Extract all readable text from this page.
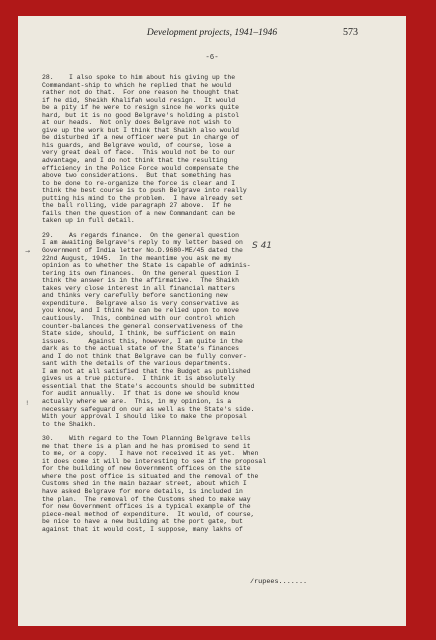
Development projects, 1941–1946	573
-6-
28.    I also spoke to him about his giving up the
Commandant-ship to which he replied that he would
rather not do that.  For one reason he thought that
if he did, Sheikh Khalifah would resign.  It would
be a pity if he were to resign since he works quite
hard, but it is no good Belgrave's holding a pistol
at our heads.  Not only does Belgrave not wish to
give up the work but I think that Shaikh also would
be disturbed if a new officer were put in charge of
his guards, and Belgrave would, of course, lose a
very great deal of face.  This would not be to our
advantage, and I do not think that the resulting
efficiency in the Police Force would compensate the
above two considerations.  But that something has
to be done to re-organize the force is clear and I
think the best course is to push Belgrave into really
putting his mind to the problem.  I have already set
the ball rolling, vide paragraph 27 above.  If he
fails then the question of a new Commandant can be
taken up in full detail.
29.    As regards finance.  On the general question
I am awaiting Belgrave's reply to my letter based on
Government of India letter No.D.9680-ME/45 dated the
22nd August, 1945.  In the meantime you ask me my
opinion as to whether the State is capable of adminis-
tering its own finances.  On the general question I
think the answer is in the affirmative.  The Shaikh
takes very close interest in all financial matters
and thinks very carefully before sanctioning new
expenditure.  Belgrave also is very conservative as
you know, and I think he can be relied upon to move
cautiously.  This, combined with our control which
counter-balances the general conservativeness of the
State side, should, I think, be sufficient on main
issues.     Against this, however, I am quite in the
dark as to the actual state of the State's finances
and I do not think that Belgrave can be fully conver-
sant with the details of the various departments.
I am not at all satisfied that the Budget as published
gives us a true picture.  I think it is absolutely
essential that the State's accounts should be submitted
for audit annually.  If that is done we should know
actually where we are.  This, in my opinion, is a
necessary safeguard on our as well as the State's side.
With your approval I should like to make the proposal
to the Shaikh.
30.    With regard to the Town Planning Belgrave tells
me that there is a plan and he has promised to send it
to me, or a copy.   I have not received it as yet.  When
it does come it will be interesting to see if the proposal
for the building of new Government offices on the site
where the post office is situated and the removal of the
Customs shed in the main bazaar street, about which I
have asked Belgrave for more details, is included in
the plan.  The removal of the Customs shed to make way
for new Government offices is a typical example of the
piece-meal method of expenditure.  It would, of course,
be nice to have a new building at the port gate, but
against that it would cost, I suppose, many lakhs of
S 41
→
!
/rupees.......
